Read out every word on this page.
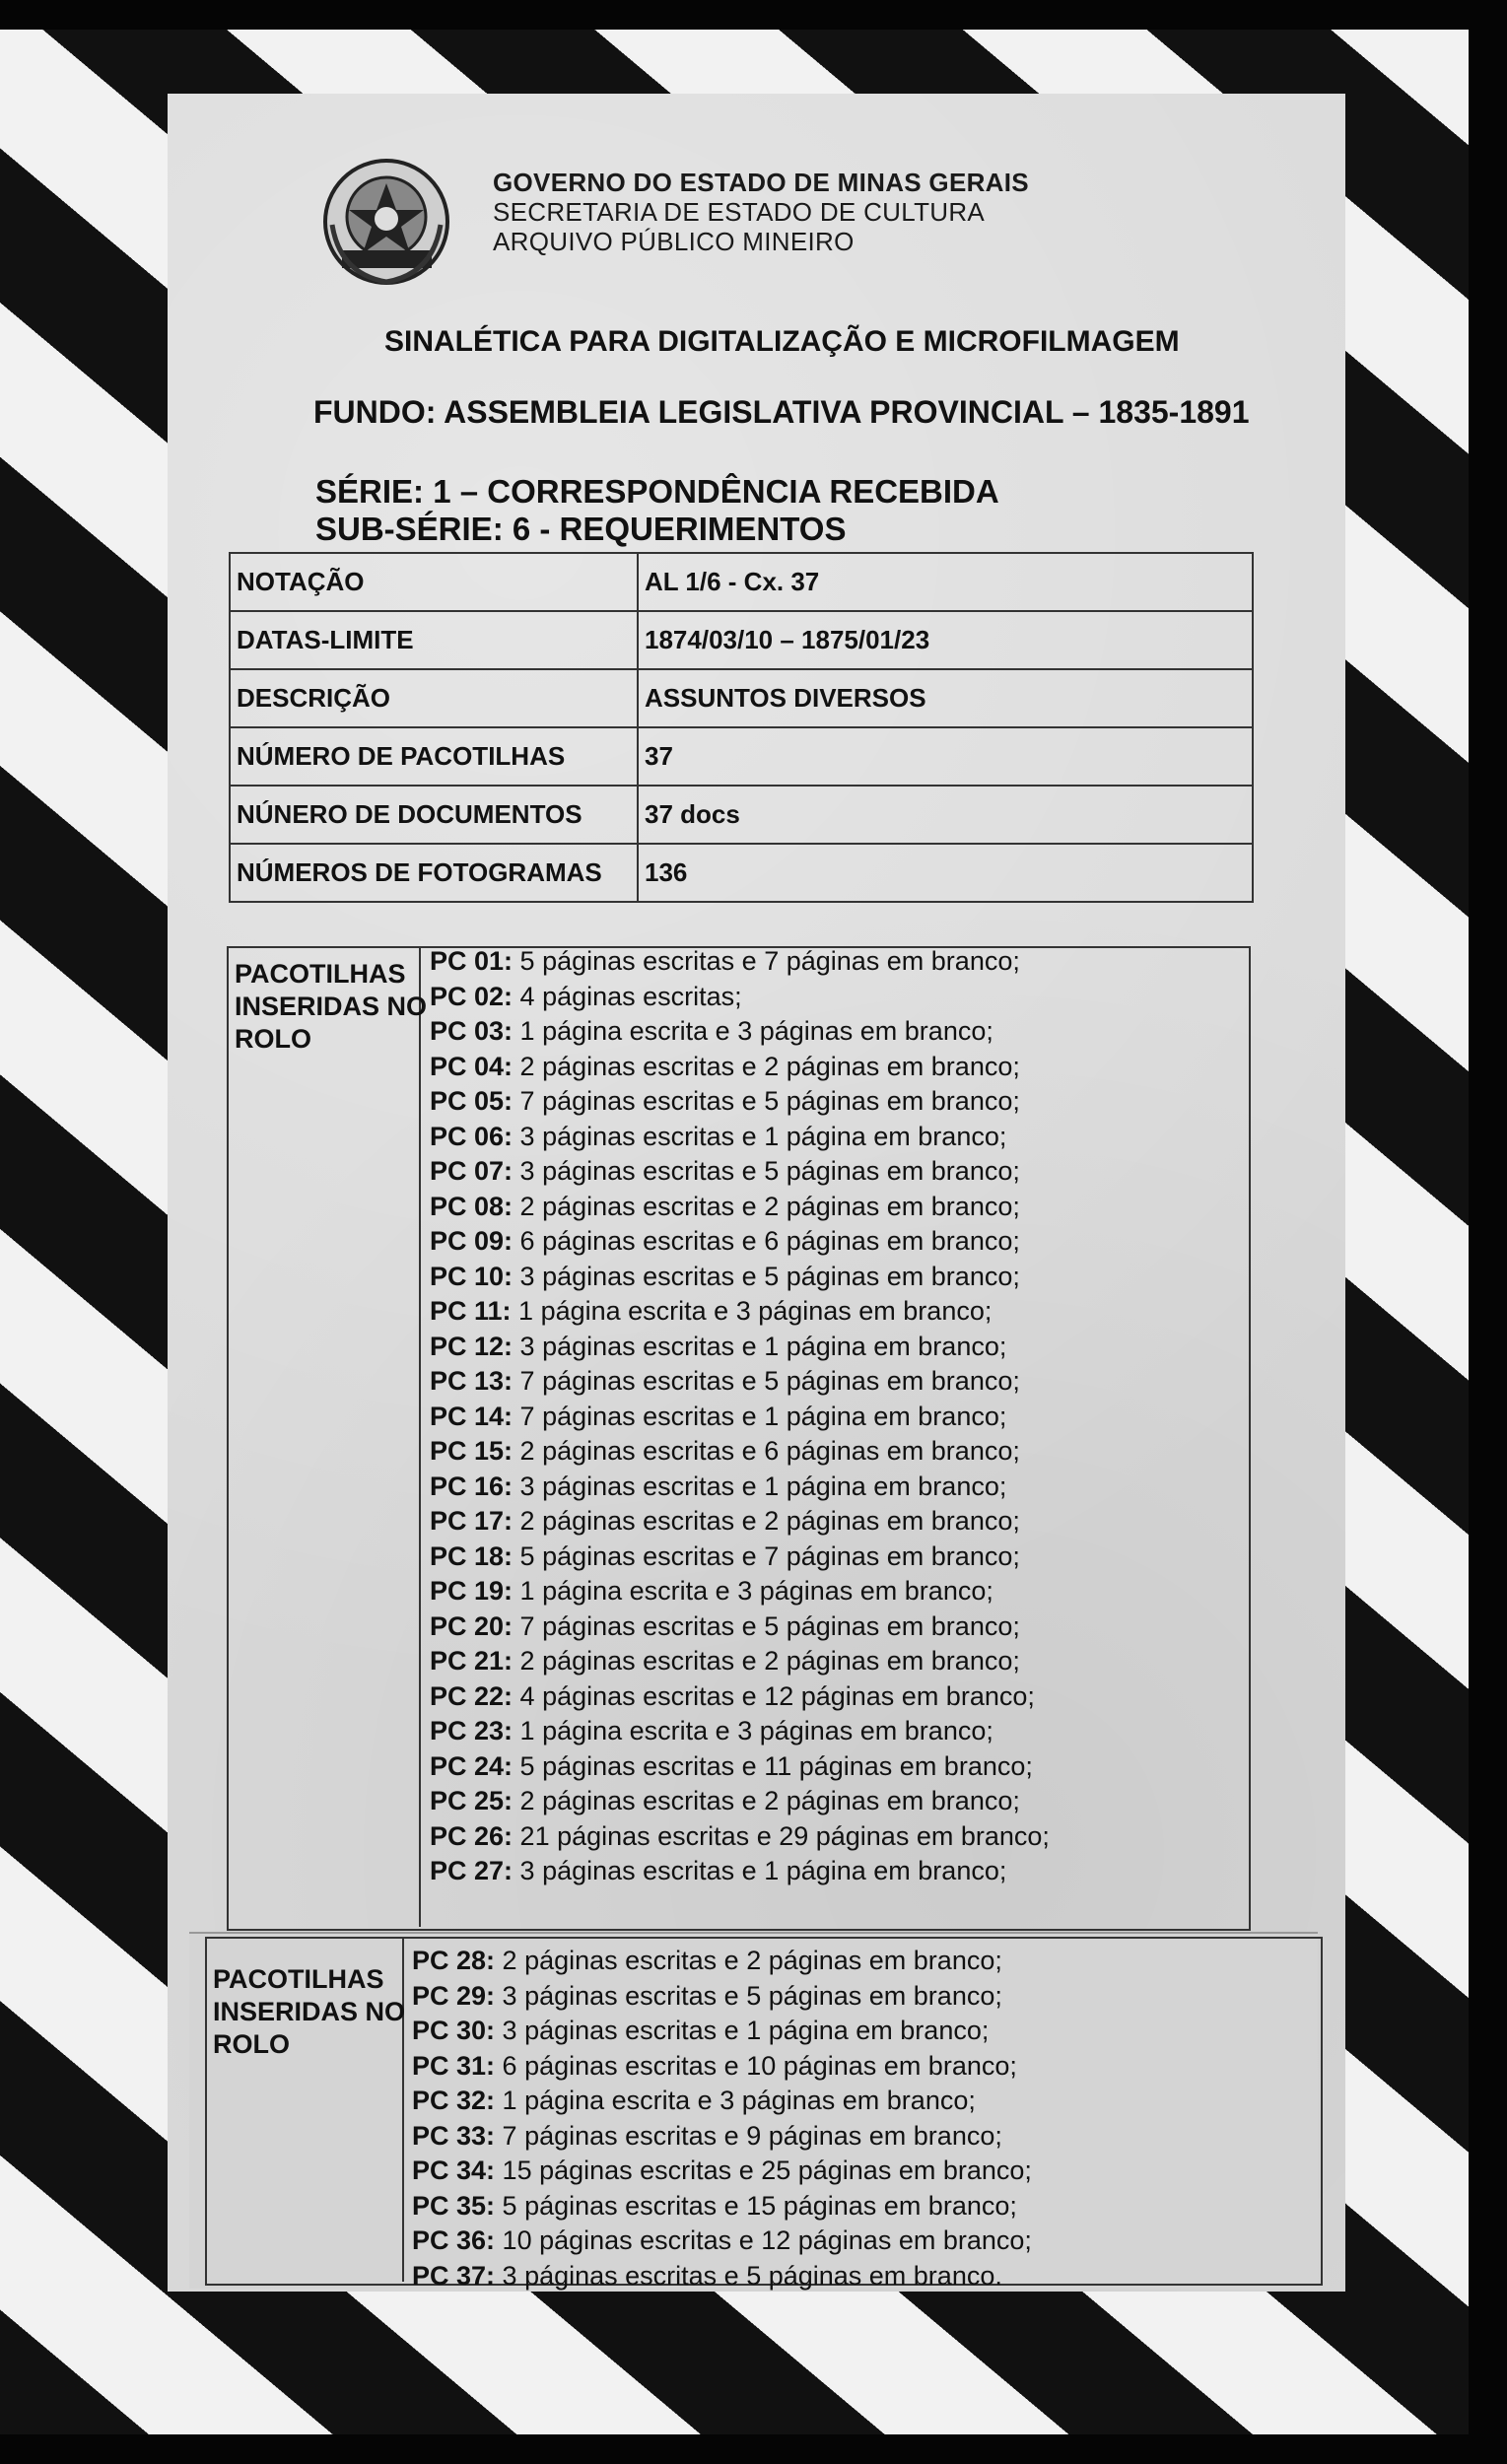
GOVERNO DO ESTADO DE MINAS GERAIS
SECRETARIA DE ESTADO DE CULTURA
ARQUIVO PÚBLICO MINEIRO
SINALÉTICA PARA DIGITALIZAÇÃO E MICROFILMAGEM
FUNDO: ASSEMBLEIA LEGISLATIVA PROVINCIAL – 1835-1891
SÉRIE: 1 – CORRESPONDÊNCIA RECEBIDA
SUB-SÉRIE: 6 - REQUERIMENTOS
NOTAÇÃO	AL 1/6 - Cx. 37
DATAS-LIMITE	1874/03/10 – 1875/01/23
DESCRIÇÃO	ASSUNTOS DIVERSOS
NÚMERO DE PACOTILHAS	37
NÚNERO DE DOCUMENTOS	37 docs
NÚMEROS DE FOTOGRAMAS	136
PACOTILHAS
INSERIDAS NO
ROLO
PC 01: 5 páginas escritas e 7 páginas em branco;
PC 02: 4 páginas escritas;
PC 03: 1 página escrita e 3 páginas em branco;
PC 04: 2 páginas escritas e 2 páginas em branco;
PC 05: 7 páginas escritas e 5 páginas em branco;
PC 06: 3 páginas escritas e 1 página em branco;
PC 07: 3 páginas escritas e 5 páginas em branco;
PC 08: 2 páginas escritas e 2 páginas em branco;
PC 09: 6 páginas escritas e 6 páginas em branco;
PC 10: 3 páginas escritas e 5 páginas em branco;
PC 11: 1 página escrita e 3 páginas em branco;
PC 12: 3 páginas escritas e 1 página em branco;
PC 13: 7 páginas escritas e 5 páginas em branco;
PC 14: 7 páginas escritas e 1 página em branco;
PC 15: 2 páginas escritas e 6 páginas em branco;
PC 16: 3 páginas escritas e 1 página em branco;
PC 17: 2 páginas escritas e 2 páginas em branco;
PC 18: 5 páginas escritas e 7 páginas em branco;
PC 19: 1 página escrita e 3 páginas em branco;
PC 20: 7 páginas escritas e 5 páginas em branco;
PC 21: 2 páginas escritas e 2 páginas em branco;
PC 22: 4 páginas escritas e 12 páginas em branco;
PC 23: 1 página escrita e 3 páginas em branco;
PC 24: 5 páginas escritas e 11 páginas em branco;
PC 25: 2 páginas escritas e 2 páginas em branco;
PC 26: 21 páginas escritas e 29 páginas em branco;
PC 27: 3 páginas escritas e 1 página em branco;
PACOTILHAS
INSERIDAS NO
ROLO
PC 28: 2 páginas escritas e 2 páginas em branco;
PC 29: 3 páginas escritas e 5 páginas em branco;
PC 30: 3 páginas escritas e 1 página em branco;
PC 31: 6 páginas escritas e 10 páginas em branco;
PC 32: 1 página escrita e 3 páginas em branco;
PC 33: 7 páginas escritas e 9 páginas em branco;
PC 34: 15 páginas escritas e 25 páginas em branco;
PC 35: 5 páginas escritas e 15 páginas em branco;
PC 36: 10 páginas escritas e 12 páginas em branco;
PC 37: 3 páginas escritas e 5 páginas em branco.
